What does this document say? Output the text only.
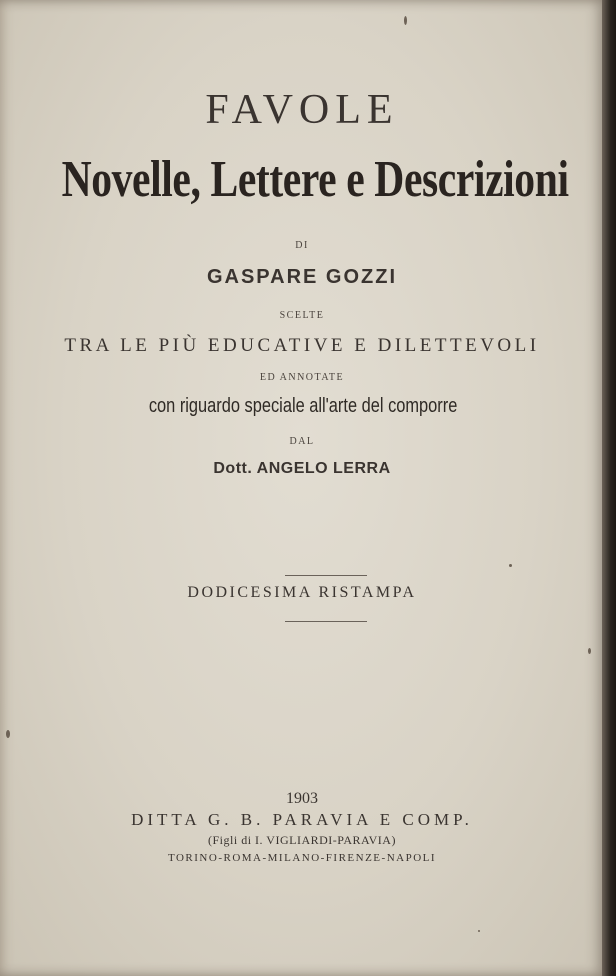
FAVOLE
Novelle, Lettere e Descrizioni
DI
GASPARE GOZZI
SCELTE
TRA LE PIÙ EDUCATIVE E DILETTEVOLI
ED ANNOTATE
con riguardo speciale all'arte del comporre
DAL
Dott. ANGELO LERRA
DODICESIMA RISTAMPA
1903
DITTA G. B. PARAVIA E COMP.
(Figli di I. VIGLIARDI-PARAVIA)
TORINO-ROMA-MILANO-FIRENZE-NAPOLI
